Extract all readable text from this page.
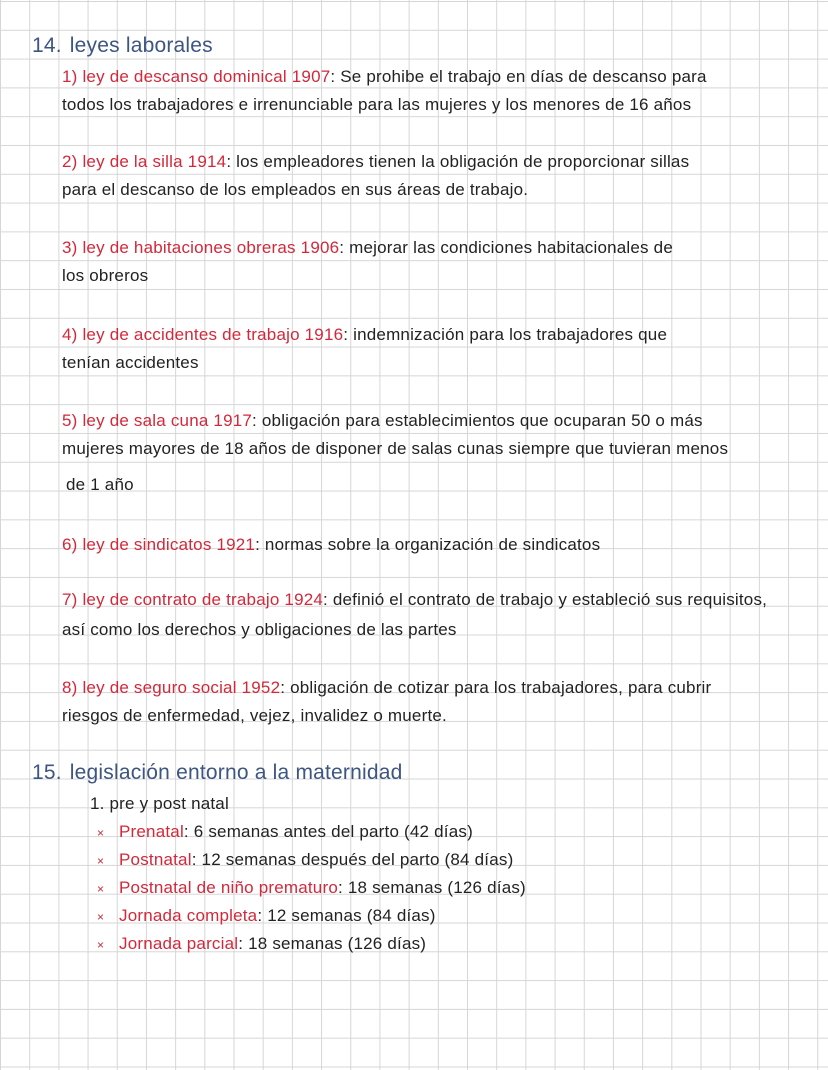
14. leyes laborales
1) ley de descanso dominical 1907: Se prohibe el trabajo en días de descanso para
todos los trabajadores e irrenunciable para las mujeres y los menores de 16 años
2) ley de la silla 1914: los empleadores tienen la obligación de proporcionar sillas
para el descanso de los empleados en sus áreas de trabajo.
3) ley de habitaciones obreras 1906: mejorar las condiciones habitacionales de
los obreros
4) ley de accidentes de trabajo 1916: indemnización para los trabajadores que
tenían accidentes
5) ley de sala cuna 1917: obligación para establecimientos que ocuparan 50 o más
mujeres mayores de 18 años de disponer de salas cunas siempre que tuvieran menos
de 1 año
6) ley de sindicatos 1921: normas sobre la organización de sindicatos
7) ley de contrato de trabajo 1924: definió el contrato de trabajo y estableció sus requisitos,
así como los derechos y obligaciones de las partes
8) ley de seguro social 1952: obligación de cotizar para los trabajadores, para cubrir
riesgos de enfermedad, vejez, invalidez o muerte.
15. legislación entorno a la maternidad
1. pre y post natal
× Prenatal: 6 semanas antes del parto (42 días)
× Postnatal: 12 semanas después del parto (84 días)
× Postnatal de niño prematuro: 18 semanas (126 días)
× Jornada completa: 12 semanas (84 días)
× Jornada parcial: 18 semanas (126 días)
